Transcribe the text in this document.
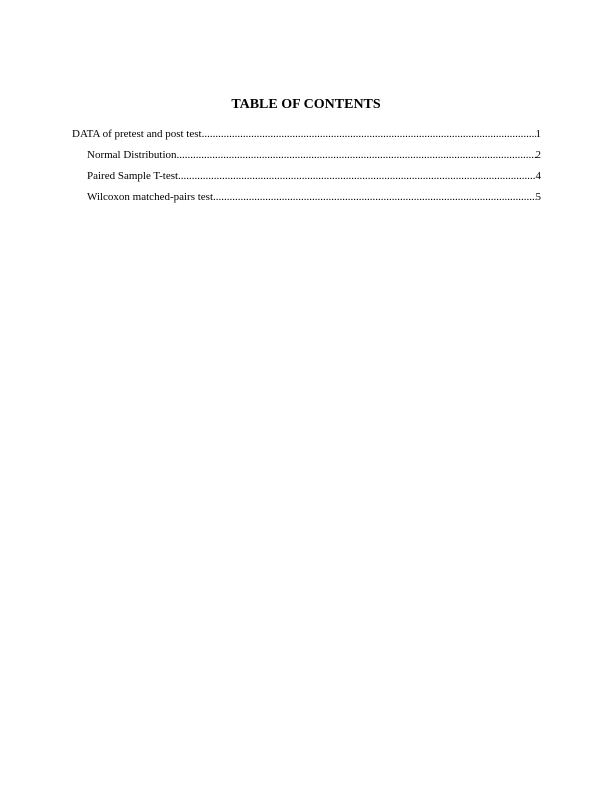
TABLE OF CONTENTS
DATA of pretest and post test .....	1
Normal Distribution .....	2
Paired Sample T-test .....	4
Wilcoxon matched-pairs test .....	5
